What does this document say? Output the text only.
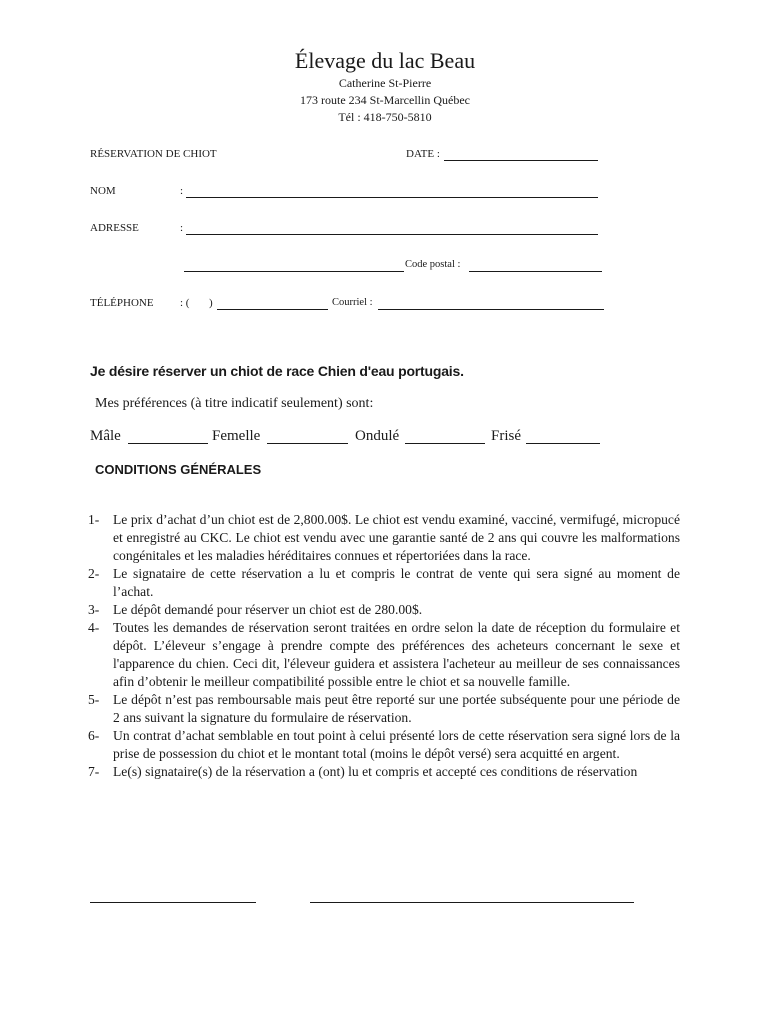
Élevage du lac Beau
Catherine St-Pierre
173 route 234 St-Marcellin Québec
Tél : 418-750-5810
RÉSERVATION DE CHIOT	DATE :
NOM	:
ADRESSE	:
Code postal :
TÉLÉPHONE : ( )	Courriel :
Je désire réserver un chiot de race Chien d'eau portugais.
Mes préférences (à titre indicatif seulement) sont:
Mâle	Femelle	Ondulé	Frisé
CONDITIONS GÉNÉRALES
1- Le prix d’achat d’un chiot est de 2,800.00$. Le chiot est vendu examiné, vacciné, vermifugé, micropucé et enregistré au CKC. Le chiot est vendu avec une garantie santé de 2 ans qui couvre les malformations congénitales et les maladies héréditaires connues et répertoriées dans la race.
2- Le signataire de cette réservation a lu et compris le contrat de vente qui sera signé au moment de l’achat.
3- Le dépôt demandé pour réserver un chiot est de 280.00$.
4- Toutes les demandes de réservation seront traitées en ordre selon la date de réception du formulaire et dépôt. L’éleveur s’engage à prendre compte des préférences des acheteurs concernant le sexe et l'apparence du chien. Ceci dit, l'éleveur guidera et assistera l'acheteur au meilleur de ses connaissances afin d’obtenir le meilleur compatibilité possible entre le chiot et sa nouvelle famille.
5- Le dépôt n’est pas remboursable mais peut être reporté sur une portée subséquente pour une période de 2 ans suivant la signature du formulaire de réservation.
6- Un contrat d’achat semblable en tout point à celui présenté lors de cette réservation sera signé lors de la prise de possession du chiot et le montant total (moins le dépôt versé) sera acquitté en argent.
7- Le(s) signataire(s) de la réservation a (ont) lu et compris et accepté ces conditions de réservation
